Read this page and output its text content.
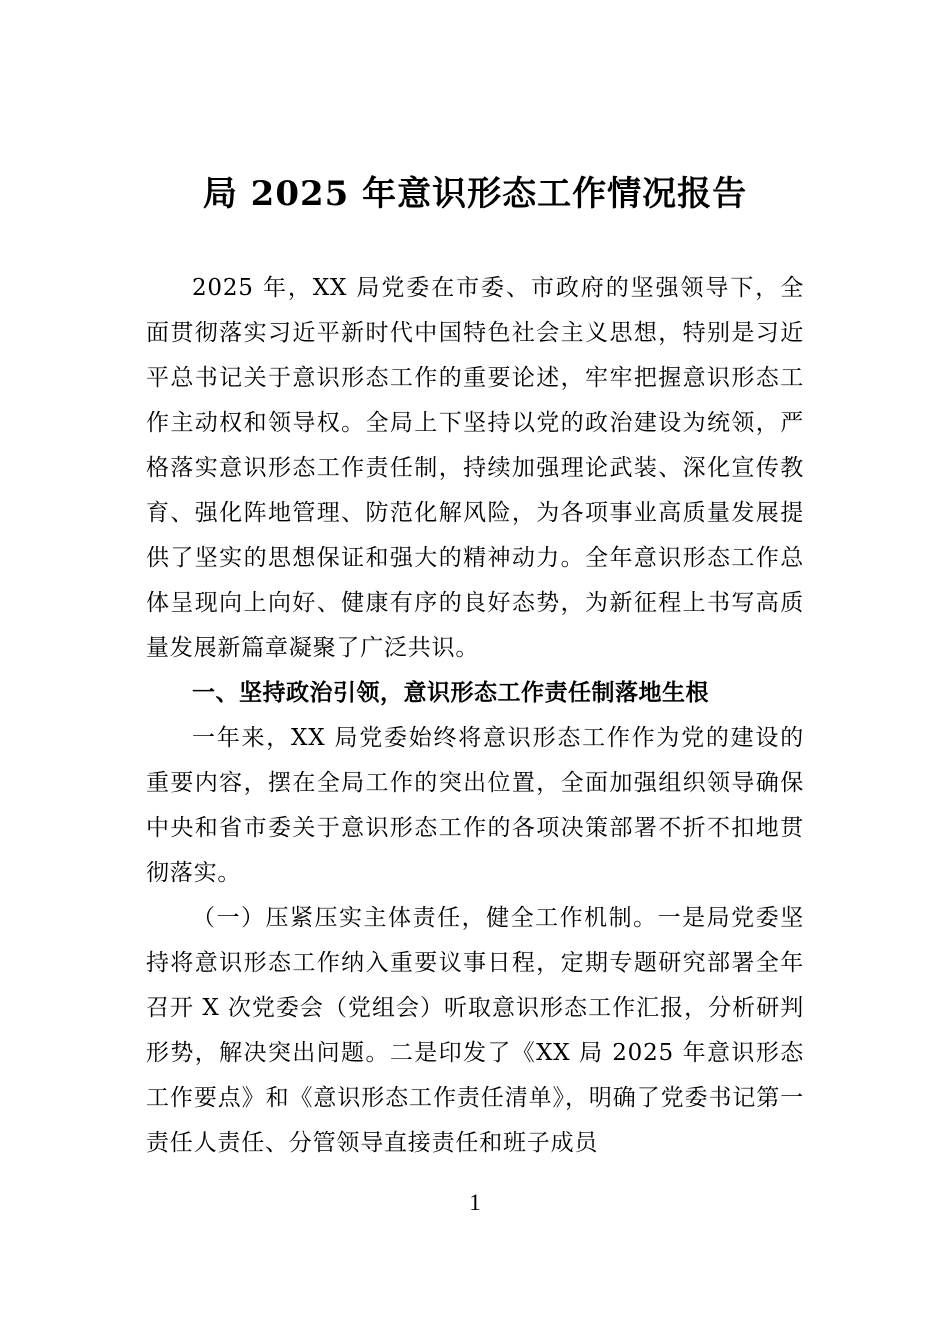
局 2025 年意识形态工作情况报告

2025 年，XX 局党委在市委、市政府的坚强领导下，全面贯彻落实习近平新时代中国特色社会主义思想，特别是习近平总书记关于意识形态工作的重要论述，牢牢把握意识形态工作主动权和领导权。全局上下坚持以党的政治建设为统领，严格落实意识形态工作责任制，持续加强理论武装、深化宣传教育、强化阵地管理、防范化解风险，为各项事业高质量发展提供了坚实的思想保证和强大的精神动力。全年意识形态工作总体呈现向上向好、健康有序的良好态势，为新征程上书写高质量发展新篇章凝聚了广泛共识。

一、坚持政治引领，意识形态工作责任制落地生根

一年来，XX 局党委始终将意识形态工作作为党的建设的重要内容，摆在全局工作的突出位置，全面加强组织领导确保中央和省市委关于意识形态工作的各项决策部署不折不扣地贯彻落实。

（一）压紧压实主体责任，健全工作机制。一是局党委坚持将意识形态工作纳入重要议事日程，定期专题研究部署全年召开 X 次党委会（党组会）听取意识形态工作汇报，分析研判形势，解决突出问题。二是印发了《XX 局 2025 年意识形态工作要点》和《意识形态工作责任清单》，明确了党委书记第一责任人责任、分管领导直接责任和班子成员

1
